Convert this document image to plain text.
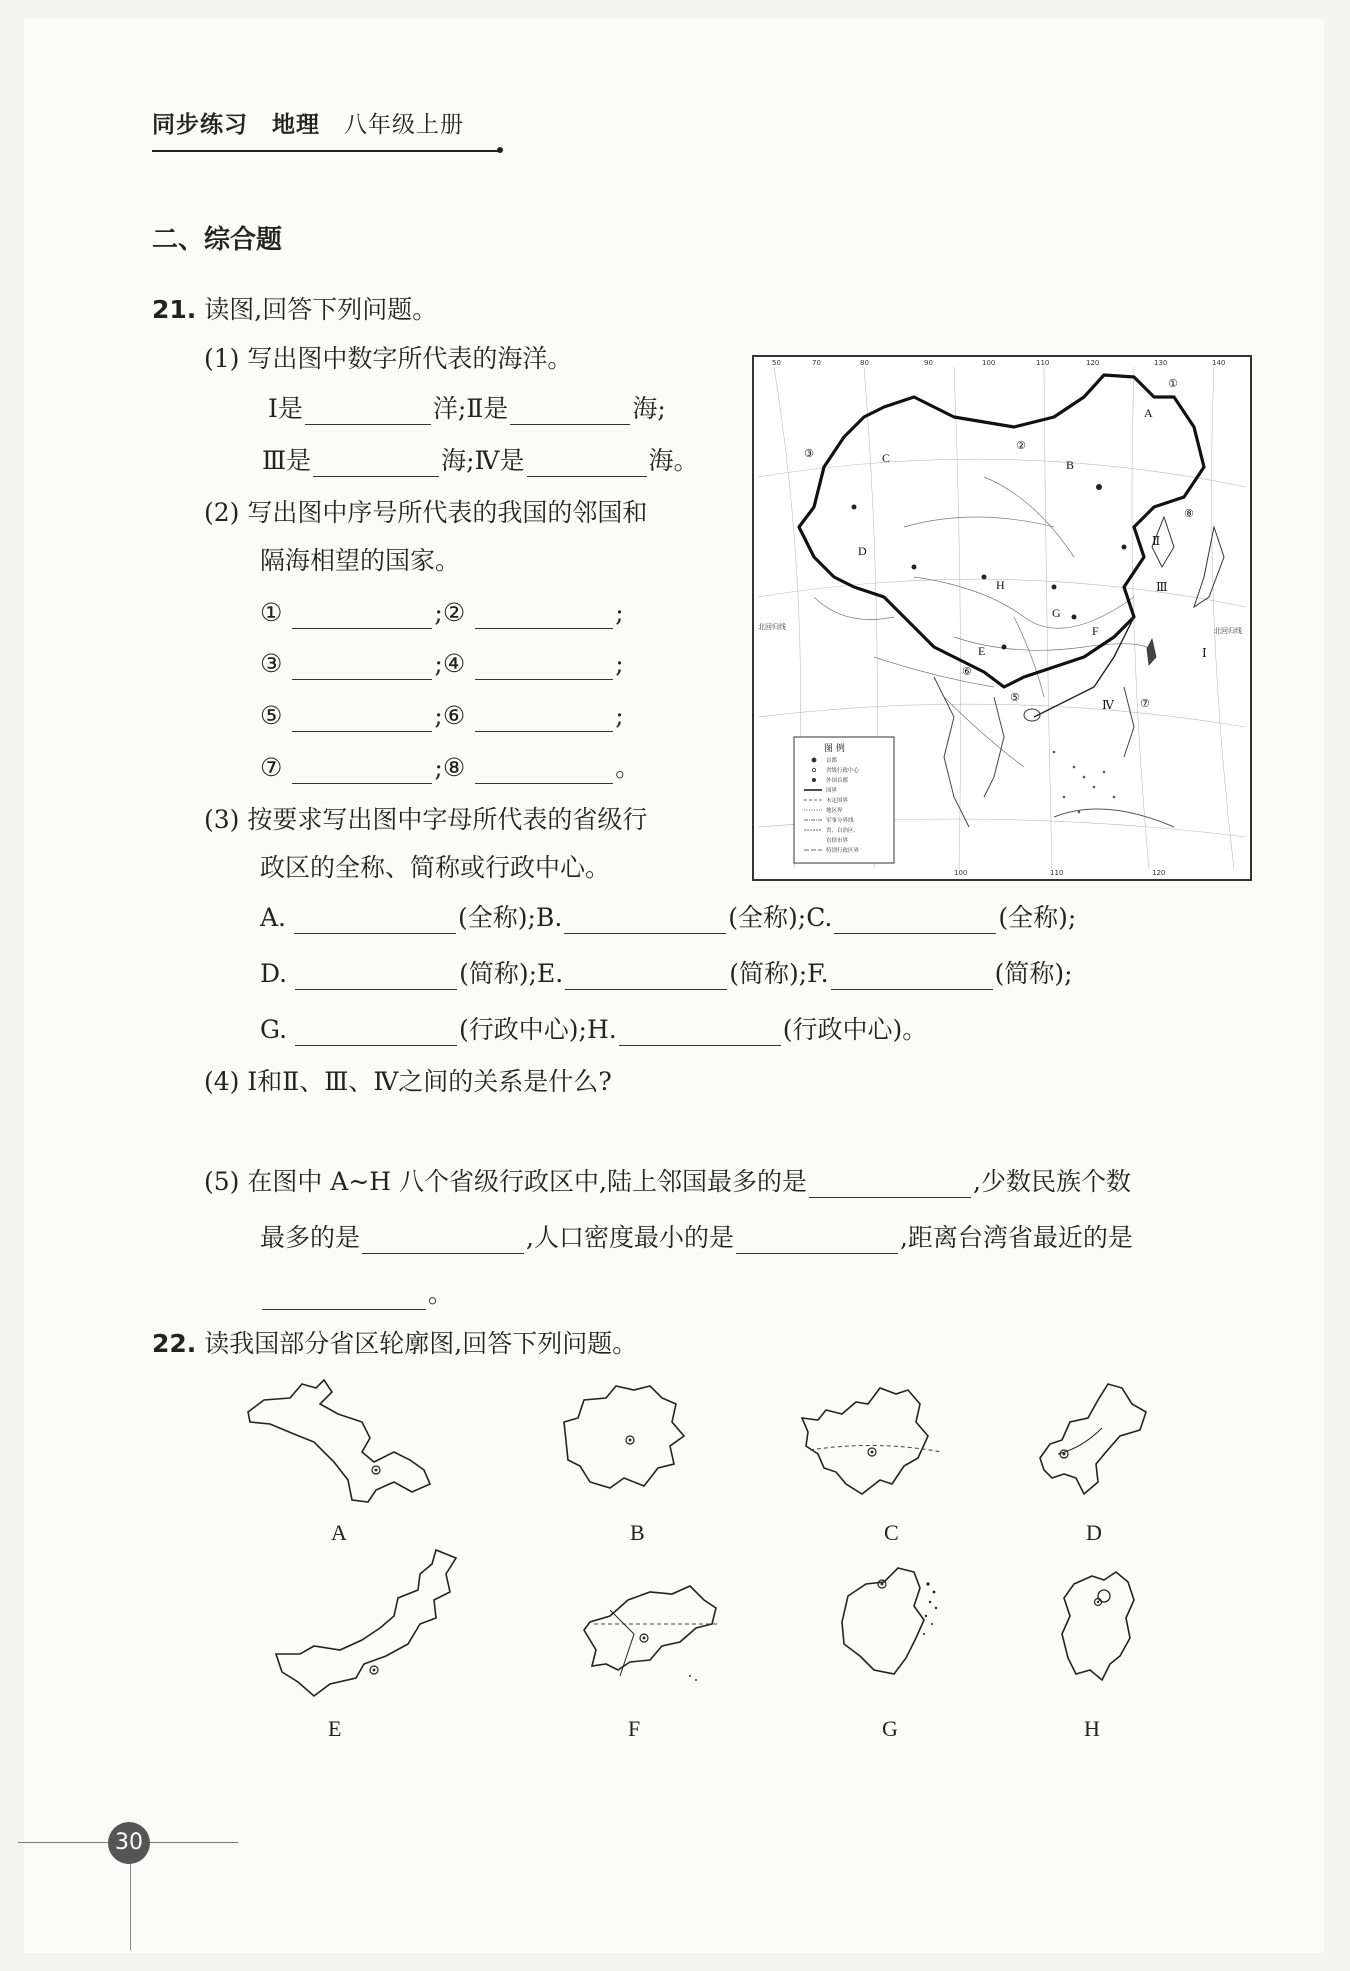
同步练习 地理 八年级上册
二、综合题
21. 读图,回答下列问题。
(1) 写出图中数字所代表的海洋。
Ⅰ是	洋;Ⅱ是	海;
Ⅲ是	海;Ⅳ是	海。
(2) 写出图中序号所代表的我国的邻国和
隔海相望的国家。
①	;②	;
③	;④	;
⑤	;⑥	;
⑦	;⑧	。
(3) 按要求写出图中字母所代表的省级行
政区的全称、简称或行政中心。
A.	(全称);B.	(全称);C.	(全称);
D.	(简称);E.	(简称);F.	(简称);
G.	(行政中心);H.	(行政中心)。
(4) Ⅰ和Ⅱ、Ⅲ、Ⅳ之间的关系是什么?
(5) 在图中 A~H 八个省级行政区中,陆上邻国最多的是	,少数民族个数
最多的是	,人口密度最小的是	,距离台湾省最近的是
。
50	70	80	90	100	110	120	130	140
100	110	120
A
B
C
D
E
F
G
H
Ⅰ
Ⅱ
Ⅲ
Ⅳ
①
②
③
⑤
⑥
⑦
⑧
北回归线	北回归线
图 例
首都
省级行政中心
外国首都
国界
未定国界
地区界
军事分界线
省、自治区、
直辖市界
特别行政区界
22. 读我国部分省区轮廓图,回答下列问题。
A	B	C	D
E	F	G	H
30
